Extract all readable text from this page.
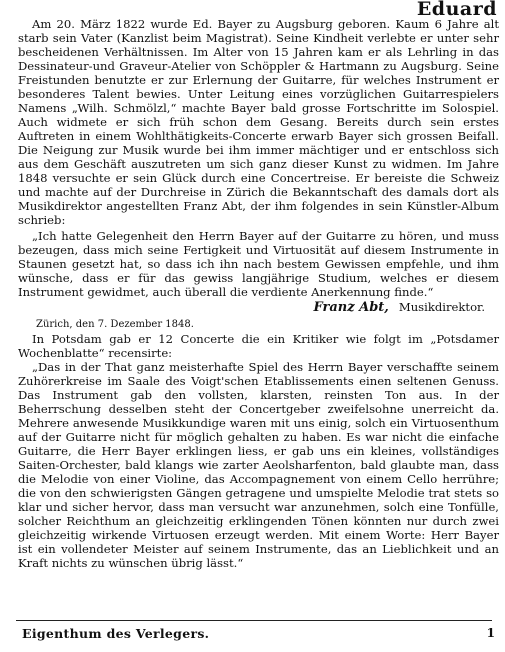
Eduard

Am 20. März 1822 wurde Ed. Bayer zu Augsburg geboren. Kaum 6 Jahre alt starb sein Vater (Kanzlist beim Magistrat). Seine Kindheit verlebte er unter sehr bescheidenen Verhältnissen. Im Alter von 15 Jahren kam er als Lehrling in das Dessinateur-und Graveur-Atelier von Schöppler & Hartmann zu Augsburg. Seine Freistunden benutzte er zur Erlernung der Guitarre, für welches Instrument er besonderes Talent bewies. Unter Leitung eines vorzüglichen Guitarrespielers Namens „Wilh. Schmölzl,“ machte Bayer bald grosse Fortschritte im Solospiel. Auch widmete er sich früh schon dem Gesang. Bereits durch sein erstes Auftreten in einem Wohlthätigkeits-Concerte erwarb Bayer sich grossen Beifall. Die Neigung zur Musik wurde bei ihm immer mächtiger und er entschloss sich aus dem Geschäft auszutreten um sich ganz dieser Kunst zu widmen. Im Jahre 1848 versuchte er sein Glück durch eine Concertreise. Er bereiste die Schweiz und machte auf der Durchreise in Zürich die Bekanntschaft des damals dort als Musikdirektor angestellten Franz Abt, der ihm folgendes in sein Künstler-Album schrieb:

„Ich hatte Gelegenheit den Herrn Bayer auf der Guitarre zu hören, und muss bezeugen, dass mich seine Fertigkeit und Virtuosität auf diesem Instrumente in Staunen gesetzt hat, so dass ich ihn nach bestem Gewissen empfehle, und ihm wünsche, dass er für das gewiss langjährige Studium, welches er diesem Instrument gewidmet, auch überall die verdiente Anerkennung finde.“

Franz Abt, Musikdirektor.

Zürich, den 7. Dezember 1848.

In Potsdam gab er 12 Concerte die ein Kritiker wie folgt im „Potsdamer Wochenblatte“ recensirte:

„Das in der That ganz meisterhafte Spiel des Herrn Bayer verschaffte seinem Zuhörerkreise im Saale des Voigt'schen Etablissements einen seltenen Genuss. Das Instrument gab den vollsten, klarsten, reinsten Ton aus. In der Beherrschung desselben steht der Concertgeber zweifelsohne unerreicht da. Mehrere anwesende Musikkundige waren mit uns einig, solch ein Virtuosenthum auf der Guitarre nicht für möglich gehalten zu haben. Es war nicht die einfache Guitarre, die Herr Bayer erklingen liess, er gab uns ein kleines, vollständiges Saiten-Orchester, bald klangs wie zarter Aeolsharfenton, bald glaubte man, dass die Melodie von einer Violine, das Accompagnement von einem Cello herrühre; die von den schwierigsten Gängen getragene und umspielte Melodie trat stets so klar und sicher hervor, dass man versucht war anzunehmen, solch eine Tonfülle, solcher Reichthum an gleichzeitig erklingenden Tönen könnten nur durch zwei gleichzeitig wirkende Virtuosen erzeugt werden. Mit einem Worte: Herr Bayer ist ein vollendeter Meister auf seinem Instrumente, das an Lieblichkeit und an Kraft nichts zu wünschen übrig lässt.“

Eigenthum des Verlegers.	1
